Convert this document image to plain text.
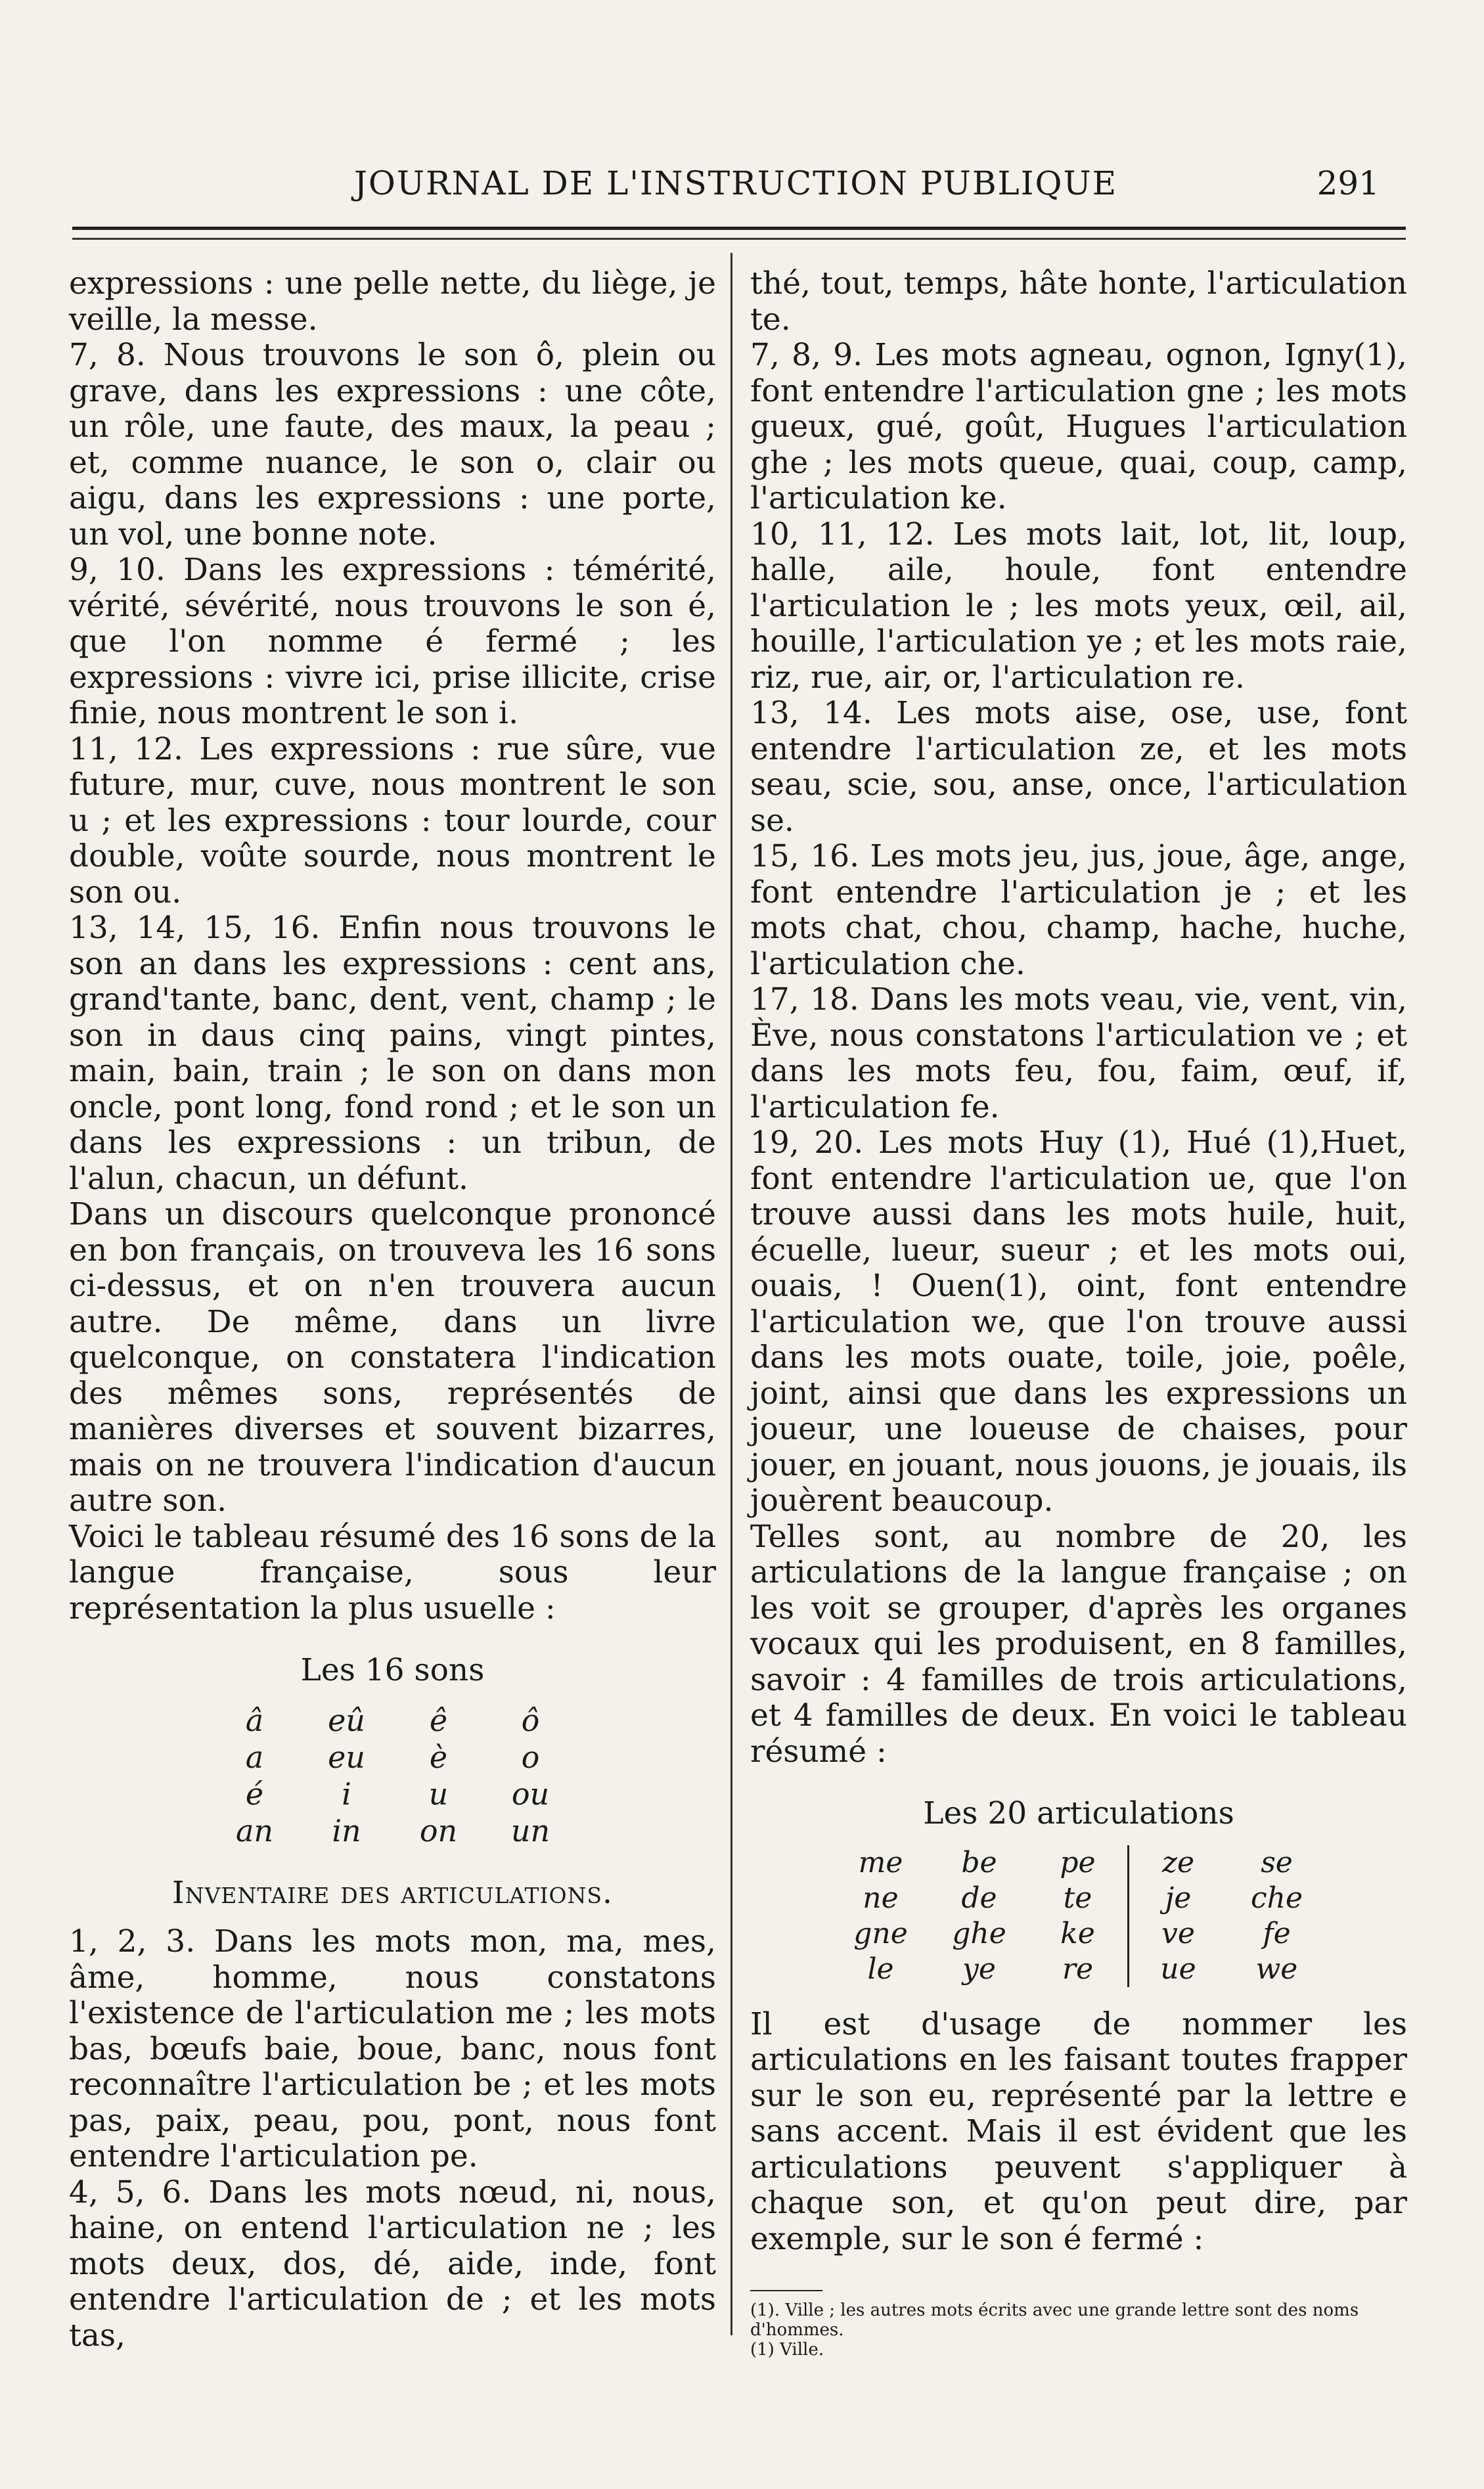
JOURNAL DE L'INSTRUCTION PUBLIQUE	291

expressions : une pelle nette, du liège, je veille, la messe.

7, 8. Nous trouvons le son ô, plein ou grave, dans les expressions : une côte, un rôle, une faute, des maux, la peau ; et, comme nuance, le son o, clair ou aigu, dans les expressions : une porte, un vol, une bonne note.

9, 10. Dans les expressions : témérité, vérité, sévérité, nous trouvons le son é, que l'on nomme é fermé ; les expressions : vivre ici, prise illicite, crise finie, nous montrent le son i.

11, 12. Les expressions : rue sûre, vue future, mur, cuve, nous montrent le son u ; et les expressions : tour lourde, cour double, voûte sourde, nous montrent le son ou.

13, 14, 15, 16. Enfin nous trouvons le son an dans les expressions : cent ans, grand'tante, banc, dent, vent, champ ; le son in daus cinq pains, vingt pintes, main, bain, train ; le son on dans mon oncle, pont long, fond rond ; et le son un dans les expressions : un tribun, de l'alun, chacun, un défunt.

Dans un discours quelconque prononcé en bon français, on trouveva les 16 sons ci-dessus, et on n'en trouvera aucun autre. De même, dans un livre quelconque, on constatera l'indication des mêmes sons, représentés de manières diverses et souvent bizarres, mais on ne trouvera l'indication d'aucun autre son.

Voici le tableau résumé des 16 sons de la langue française, sous leur représentation la plus usuelle :

Les 16 sons

â	eû	ê	ô
a	eu	è	o
é	i	u	ou
an	in	on	un

Inventaire des articulations.

1, 2, 3. Dans les mots mon, ma, mes, âme, homme, nous constatons l'existence de l'articulation me ; les mots bas, bœufs baie, boue, banc, nous font reconnaître l'articulation be ; et les mots pas, paix, peau, pou, pont, nous font entendre l'articulation pe.

4, 5, 6. Dans les mots nœud, ni, nous, haine, on entend l'articulation ne ; les mots deux, dos, dé, aide, inde, font entendre l'articulation de ; et les mots tas,

thé, tout, temps, hâte honte, l'articulation te.

7, 8, 9. Les mots agneau, ognon, Igny(1), font entendre l'articulation gne ; les mots gueux, gué, goût, Hugues l'articulation ghe ; les mots queue, quai, coup, camp, l'articulation ke.

10, 11, 12. Les mots lait, lot, lit, loup, halle, aile, houle, font entendre l'articulation le ; les mots yeux, œil, ail, houille, l'articulation ye ; et les mots raie, riz, rue, air, or, l'articulation re.

13, 14. Les mots aise, ose, use, font entendre l'articulation ze, et les mots seau, scie, sou, anse, once, l'articulation se.

15, 16. Les mots jeu, jus, joue, âge, ange, font entendre l'articulation je ; et les mots chat, chou, champ, hache, huche, l'articulation che.

17, 18. Dans les mots veau, vie, vent, vin, Ève, nous constatons l'articulation ve ; et dans les mots feu, fou, faim, œuf, if, l'articulation fe.

19, 20. Les mots Huy (1), Hué (1),Huet, font entendre l'articulation ue, que l'on trouve aussi dans les mots huile, huit, écuelle, lueur, sueur ; et les mots oui, ouais, ! Ouen(1), oint, font entendre l'articulation we, que l'on trouve aussi dans les mots ouate, toile, joie, poêle, joint, ainsi que dans les expressions un joueur, une loueuse de chaises, pour jouer, en jouant, nous jouons, je jouais, ils jouèrent beaucoup.

Telles sont, au nombre de 20, les articulations de la langue française ; on les voit se grouper, d'après les organes vocaux qui les produisent, en 8 familles, savoir : 4 familles de trois articulations, et 4 familles de deux. En voici le tableau résumé :

Les 20 articulations

me	be	pe	ze	se
ne	de	te	je	che
gne	ghe	ke	ve	fe
le	ye	re	ue	we

Il est d'usage de nommer les articulations en les faisant toutes frapper sur le son eu, représenté par la lettre e sans accent. Mais il est évident que les articulations peuvent s'appliquer à chaque son, et qu'on peut dire, par exemple, sur le son é fermé :

(1). Ville ; les autres mots écrits avec une grande lettre sont des noms d'hommes.

(1) Ville.
